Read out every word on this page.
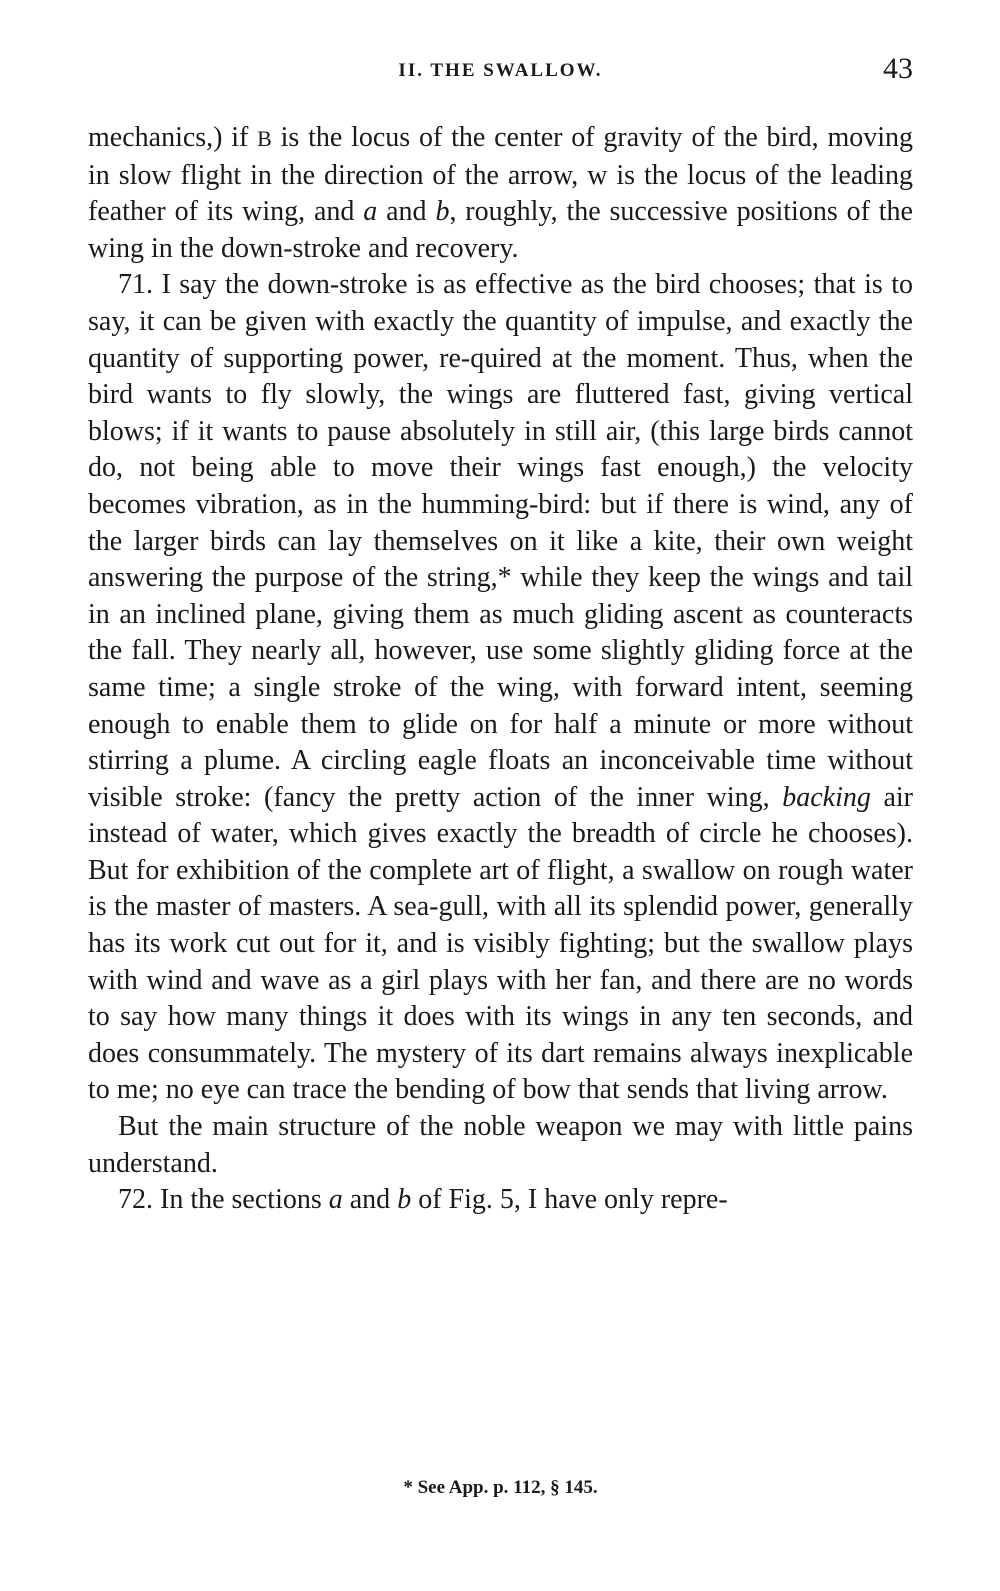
II. THE SWALLOW.	43

mechanics,) if B is the locus of the center of gravity of the bird, moving in slow flight in the direction of the arrow, w is the locus of the leading feather of its wing, and a and b, roughly, the successive positions of the wing in the down-stroke and recovery.

71. I say the down-stroke is as effective as the bird chooses; that is to say, it can be given with exactly the quantity of impulse, and exactly the quantity of supporting power, re-quired at the moment. Thus, when the bird wants to fly slowly, the wings are fluttered fast, giving vertical blows; if it wants to pause absolutely in still air, (this large birds cannot do, not being able to move their wings fast enough,) the velocity becomes vibration, as in the humming-bird: but if there is wind, any of the larger birds can lay themselves on it like a kite, their own weight answering the purpose of the string,* while they keep the wings and tail in an inclined plane, giving them as much gliding ascent as counteracts the fall. They nearly all, however, use some slightly gliding force at the same time; a single stroke of the wing, with forward intent, seeming enough to enable them to glide on for half a minute or more without stirring a plume. A circling eagle floats an inconceivable time without visible stroke: (fancy the pretty action of the inner wing, backing air instead of water, which gives exactly the breadth of circle he chooses). But for exhibition of the complete art of flight, a swallow on rough water is the master of masters. A sea-gull, with all its splendid power, generally has its work cut out for it, and is visibly fighting; but the swallow plays with wind and wave as a girl plays with her fan, and there are no words to say how many things it does with its wings in any ten seconds, and does consummately. The mystery of its dart remains always inexplicable to me; no eye can trace the bending of bow that sends that living arrow.

But the main structure of the noble weapon we may with little pains understand.

72. In the sections a and b of Fig. 5, I have only repre-

* See App. p. 112, § 145.
